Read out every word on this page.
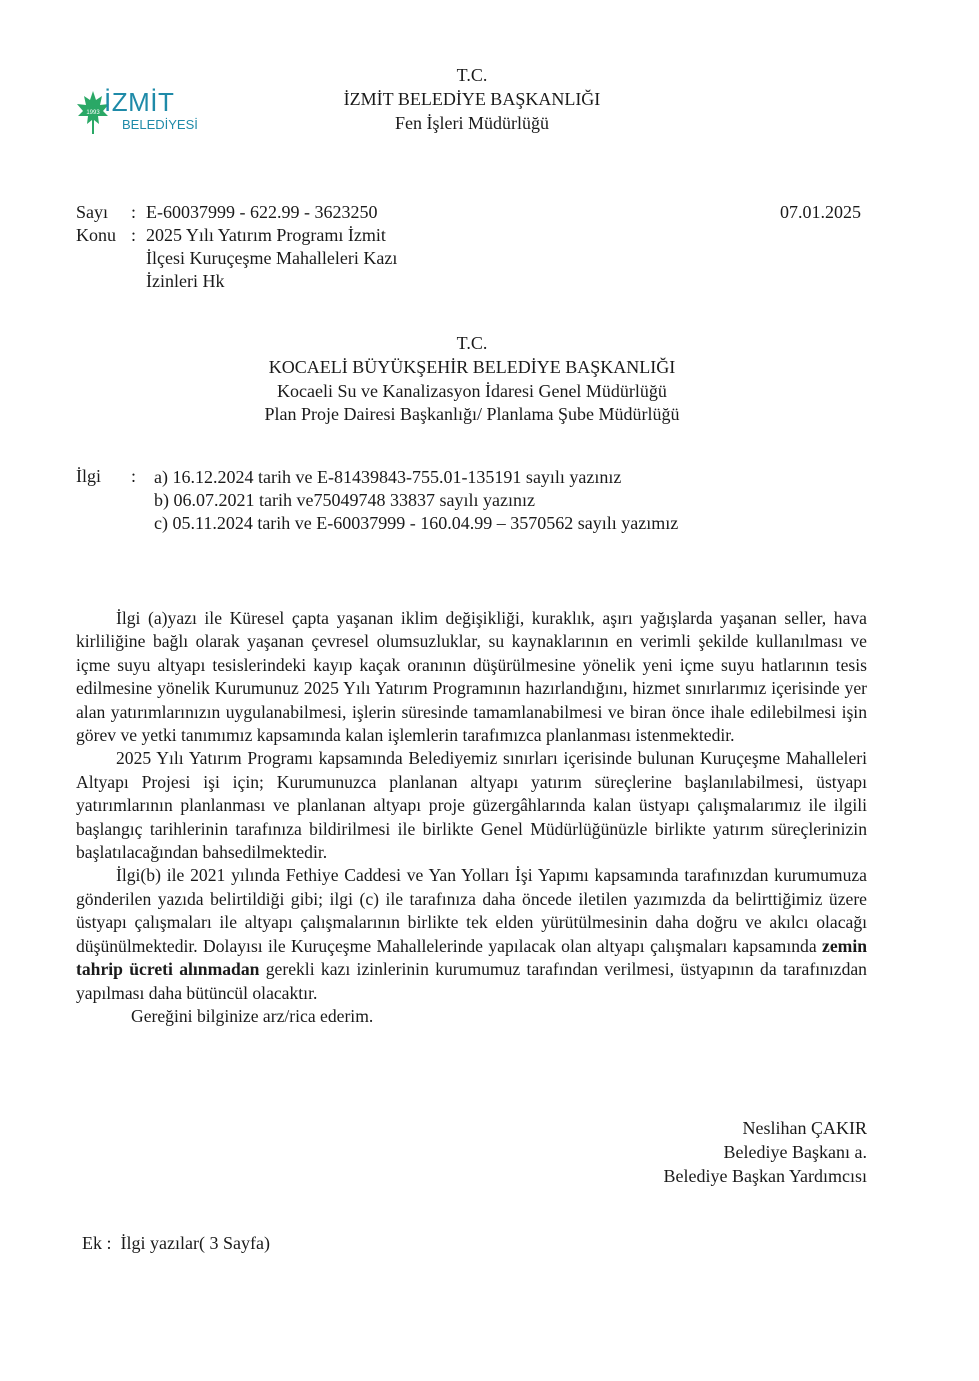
1993 İZMİT
BELEDİYESİ
T.C.
İZMİT BELEDİYE BAŞKANLIĞI
Fen İşleri Müdürlüğü
Sayı : E-60037999 - 622.99 - 3623250
Konu : 2025 Yılı Yatırım Programı İzmit
İlçesi Kuruçeşme Mahalleleri Kazı
İzinleri Hk
07.01.2025
T.C.
KOCAELİ BÜYÜKŞEHİR BELEDİYE BAŞKANLIĞI
Kocaeli Su ve Kanalizasyon İdaresi Genel Müdürlüğü
Plan Proje Dairesi Başkanlığı/ Planlama Şube Müdürlüğü
İlgi : a) 16.12.2024 tarih ve E-81439843-755.01-135191 sayılı yazınız
b) 06.07.2021 tarih ve75049748 33837 sayılı yazınız
c) 05.11.2024 tarih ve E-60037999 - 160.04.99 – 3570562 sayılı yazımız

İlgi (a)yazı ile Küresel çapta yaşanan iklim değişikliği, kuraklık, aşırı yağışlarda yaşanan seller, hava kirliliğine bağlı olarak yaşanan çevresel olumsuzluklar, su kaynaklarının en verimli şekilde kullanılması ve içme suyu altyapı tesislerindeki kayıp kaçak oranının düşürülmesine yönelik yeni içme suyu hatlarının tesis edilmesine yönelik Kurumunuz 2025 Yılı Yatırım Programının hazırlandığını, hizmet sınırlarımız içerisinde yer alan yatırımlarınızın uygulanabilmesi, işlerin süresinde tamamlanabilmesi ve biran önce ihale edilebilmesi işin görev ve yetki tanımımız kapsamında kalan işlemlerin tarafımızca planlanması istenmektedir.

2025 Yılı Yatırım Programı kapsamında Belediyemiz sınırları içerisinde bulunan Kuruçeşme Mahalleleri Altyapı Projesi işi için; Kurumunuzca planlanan altyapı yatırım süreçlerine başlanılabilmesi, üstyapı yatırımlarının planlanması ve planlanan altyapı proje güzergâhlarında kalan üstyapı çalışmalarımız ile ilgili başlangıç tarihlerinin tarafınıza bildirilmesi ile birlikte Genel Müdürlüğünüzle birlikte yatırım süreçlerinizin başlatılacağından bahsedilmektedir.

İlgi(b) ile 2021 yılında Fethiye Caddesi ve Yan Yolları İşi Yapımı kapsamında tarafınızdan kurumumuza gönderilen yazıda belirtildiği gibi; ilgi (c) ile tarafınıza daha öncede iletilen yazımızda da belirttiğimiz üzere üstyapı çalışmaları ile altyapı çalışmalarının birlikte tek elden yürütülmesinin daha doğru ve akılcı olacağı düşünülmektedir. Dolayısı ile Kuruçeşme Mahallelerinde yapılacak olan altyapı çalışmaları kapsamında zemin tahrip ücreti alınmadan gerekli kazı izinlerinin kurumumuz tarafından verilmesi, üstyapının da tarafınızdan yapılması daha bütüncül olacaktır.

Gereğini bilginize arz/rica ederim.

Neslihan ÇAKIR
Belediye Başkanı a.
Belediye Başkan Yardımcısı
Ek : İlgi yazılar( 3 Sayfa)
